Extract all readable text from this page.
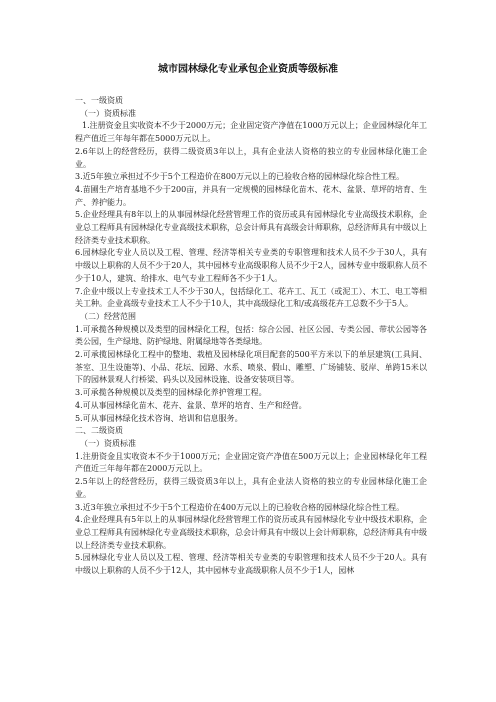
城市园林绿化专业承包企业资质等级标准

一、一级资质

（一）资质标准

1.注册资金且实收资本不少于2000万元；企业固定资产净值在1000万元以上；企业园林绿化年工程产值近三年每年都在5000万元以上。

2.6年以上的经营经历，获得二级资质3年以上，具有企业法人资格的独立的专业园林绿化施工企业。

3.近5年独立承担过不少于5个工程造价在800万元以上的已验收合格的园林绿化综合性工程。

4.苗圃生产培育基地不少于200亩，并具有一定规模的园林绿化苗木、花木、盆景、草坪的培育、生产、养护能力。

5.企业经理具有8年以上的从事园林绿化经营管理工作的资历或具有园林绿化专业高级技术职称，企业总工程师具有园林绿化专业高级技术职称，总会计师具有高级会计师职称，总经济师具有中级以上经济类专业技术职称。

6.园林绿化专业人员以及工程、管理、经济等相关专业类的专职管理和技术人员不少于30人，具有中级以上职称的人员不少于20人，其中园林专业高级职称人员不少于2人，园林专业中级职称人员不少于10人，建筑、给排水、电气专业工程师各不少于1人。

7.企业中级以上专业技术工人不少于30人，包括绿化工、花卉工、瓦工（或泥工）、木工、电工等相关工种。企业高级专业技术工人不少于10人，其中高级绿化工和/或高级花卉工总数不少于5人。

（二）经营范围

1.可承揽各种规模以及类型的园林绿化工程，包括：综合公园、社区公园、专类公园、带状公园等各类公园，生产绿地、防护绿地、附属绿地等各类绿地。

2.可承揽园林绿化工程中的整地、栽植及园林绿化项目配套的500平方米以下的单层建筑(工具间、茶室、卫生设施等)、小品、花坛、园路、水系、喷泉、假山、雕塑、广场铺装、驳岸、单跨15米以下的园林景观人行桥梁、码头以及园林设施、设备安装项目等。

3.可承揽各种规模以及类型的园林绿化养护管理工程。

4.可从事园林绿化苗木、花卉、盆景、草坪的培育、生产和经营。

5.可从事园林绿化技术咨询、培训和信息服务。

二、二级资质

（一）资质标准

1.注册资金且实收资本不少于1000万元；企业固定资产净值在500万元以上；企业园林绿化年工程产值近三年每年都在2000万元以上。

2.5年以上的经营经历，获得三级资质3年以上，具有企业法人资格的独立的专业园林绿化施工企业。

3.近3年独立承担过不少于5个工程造价在400万元以上的已验收合格的园林绿化综合性工程。

4.企业经理具有5年以上的从事园林绿化经营管理工作的资历或具有园林绿化专业中级技术职称，企业总工程师具有园林绿化专业高级技术职称，总会计师具有中级以上会计师职称，总经济师具有中级以上经济类专业技术职称。

5.园林绿化专业人员以及工程、管理、经济等相关专业类的专职管理和技术人员不少于20人。具有中级以上职称的人员不少于12人，其中园林专业高级职称人员不少于1人，园林
